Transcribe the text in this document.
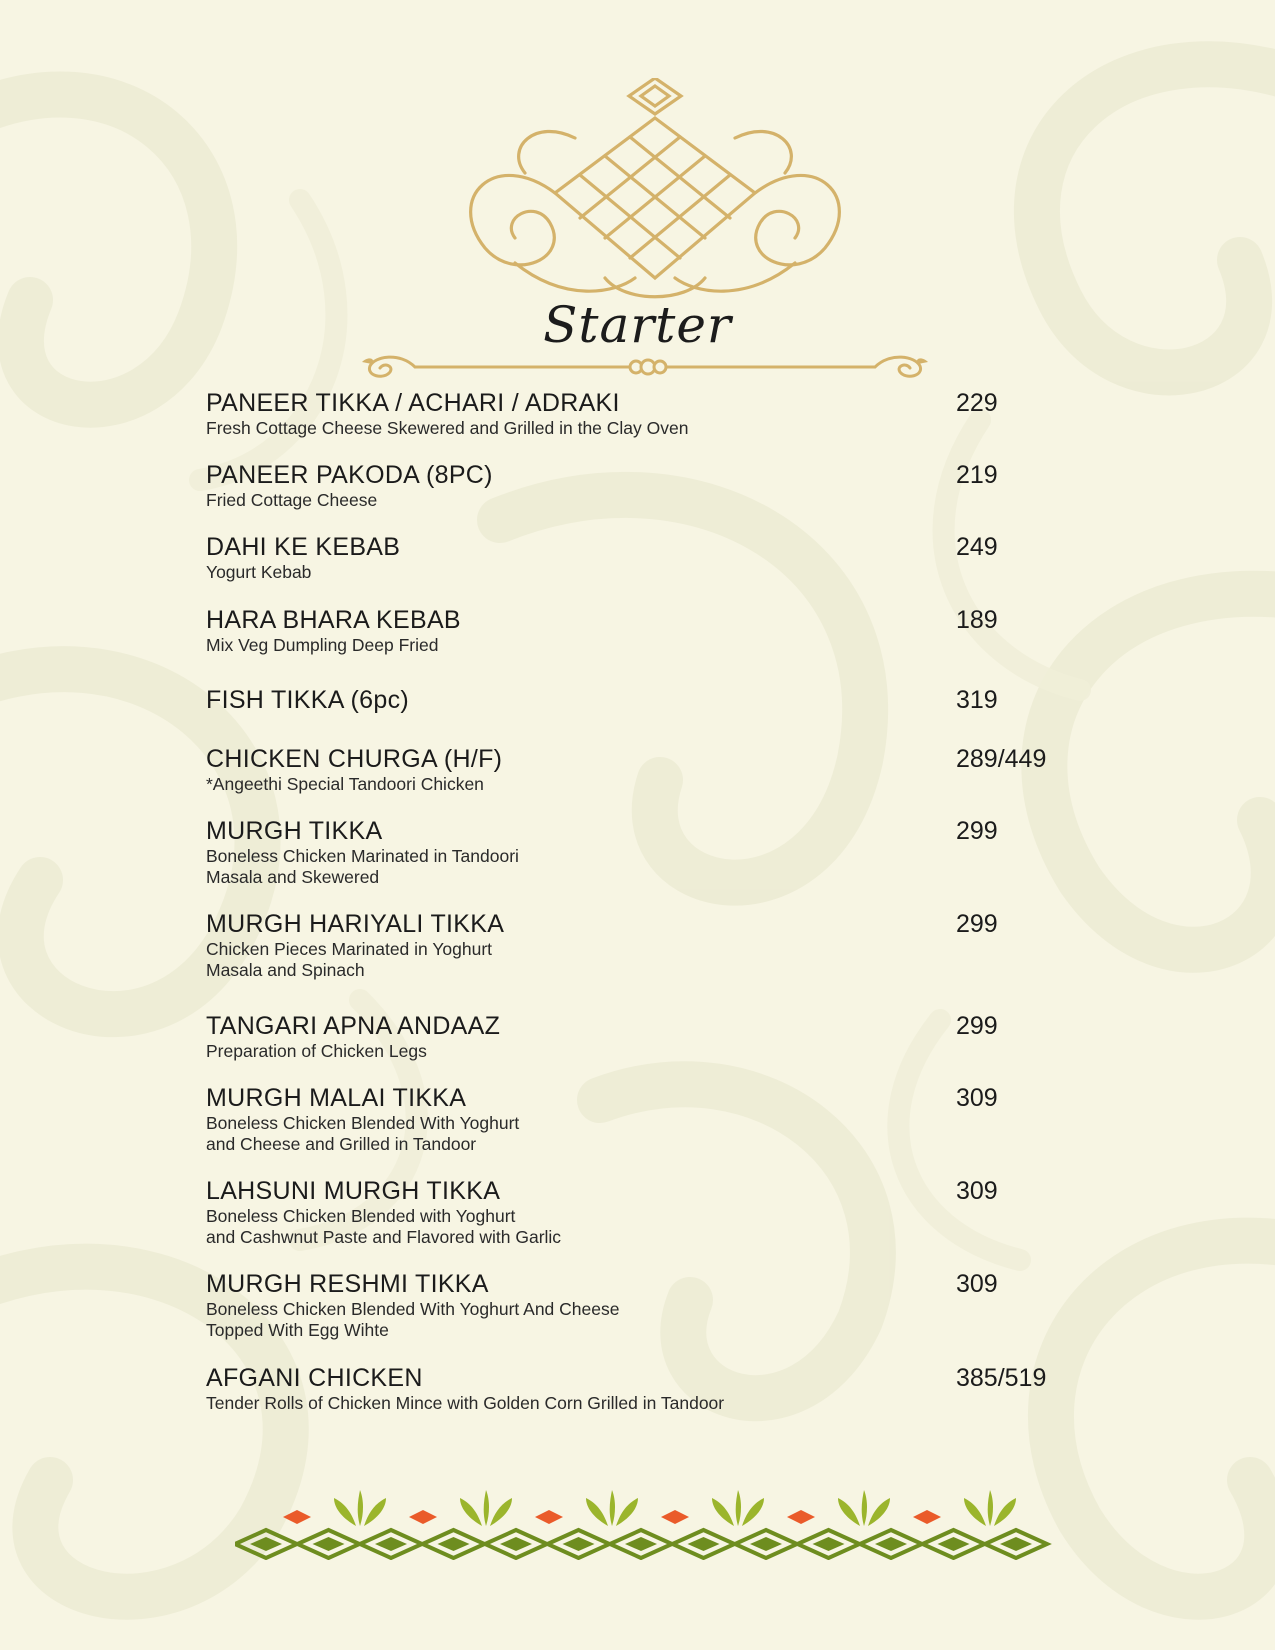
Starter
PANEER TIKKA / ACHARI / ADRAKI	229
Fresh Cottage Cheese Skewered and Grilled in the Clay Oven
PANEER PAKODA (8PC)	219
Fried Cottage Cheese
DAHI KE KEBAB	249
Yogurt Kebab
HARA BHARA KEBAB	189
Mix Veg Dumpling Deep Fried
FISH TIKKA (6pc)	319
CHICKEN CHURGA (H/F)	289/449
*Angeethi Special Tandoori Chicken
MURGH TIKKA	299
Boneless Chicken Marinated in Tandoori
Masala and Skewered
MURGH HARIYALI TIKKA	299
Chicken Pieces Marinated in Yoghurt
Masala and Spinach
TANGARI APNA ANDAAZ	299
Preparation of Chicken Legs
MURGH MALAI TIKKA	309
Boneless Chicken Blended With Yoghurt
and Cheese and Grilled in Tandoor
LAHSUNI MURGH TIKKA	309
Boneless Chicken Blended with Yoghurt
and Cashwnut Paste and Flavored with Garlic
MURGH RESHMI TIKKA	309
Boneless Chicken Blended With Yoghurt And Cheese
Topped With Egg Wihte
AFGANI CHICKEN	385/519
Tender Rolls of Chicken Mince with Golden Corn Grilled in Tandoor
